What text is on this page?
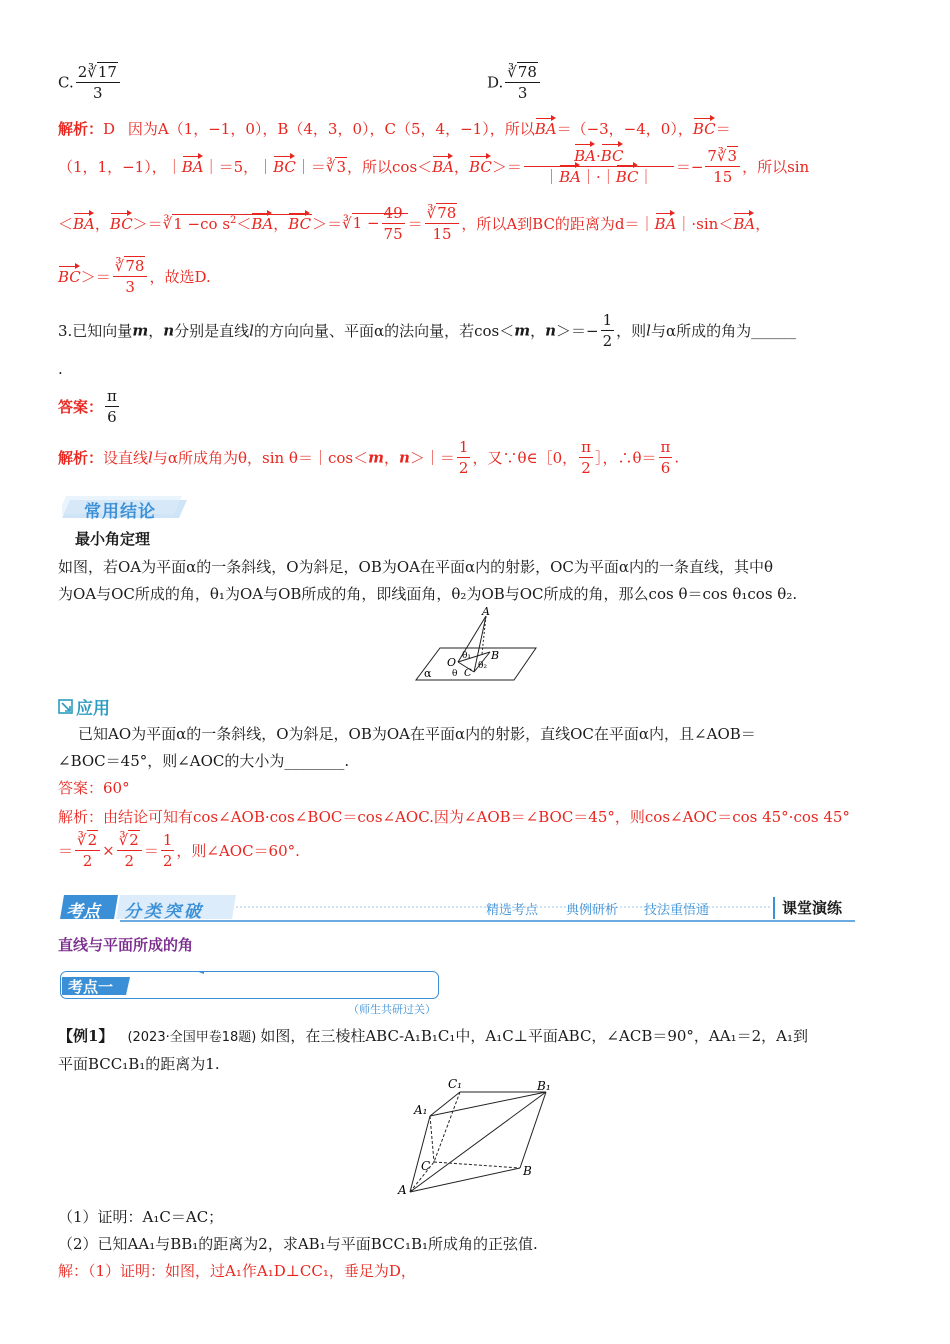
C. $\frac{2∛17}{3}$	D. $\frac{∛78}{3}$
解析：D 因为A（1，−1，0），B（4，3，0），C（5，4，−1），所以BA＝（−3，−4，0），BC＝
（1，1，−1），｜BA｜＝5，｜BC｜＝∛3，所以cos＜BA，$BC>= \frac{BA\cdot BC}{|BA|\cdot|BC|} =- \frac{7∛3}{15}$ ，所以sin
＜BA，BC＞＝∛1 −co $s^2<BA$，BC＞＝∛1 − $\frac{49}{75} = \frac{∛78}{15}$ ，所以A到BC的距离为d＝｜BA｜·sin＜BA，
$BC>= \frac{∛78}{3}$ ，故选D.
3.已知向量m，n分别是直线l的方向向量、平面α的法向量，若cos＜m，$n>=- \frac{1}{2}$ ，则l与α所成的角为______
.
答案： $\frac{\pi}{6}$
解析：设直线l与α所成角为θ，sin θ＝｜cos＜m，n＞｜＝ $\frac{1}{2}$ ，又∵θ∈［0， $\frac{\pi}{2}$ ］，∴θ＝ $\frac{\pi}{6}$ .
常用结论
最小角定理
如图，若OA为平面α的一条斜线，O为斜足，OB为OA在平面α内的射影，OC为平面α内的一条直线，其中θ
为OA与OC所成的角，θ₁为OA与OB所成的角，即线面角，θ₂为OB与OC所成的角，那么cos θ＝cos θ₁cos θ₂.
A
B
O
C
α θ
θ₁
θ₂
应用
已知AO为平面α的一条斜线，O为斜足，OB为OA在平面α内的射影，直线OC在平面α内，且∠AOB＝
∠BOC＝45°，则∠AOC的大小为________.
答案：60°
解析：由结论可知有cos∠AOB·cos∠BOC＝cos∠AOC.因为∠AOB＝∠BOC＝45°，则cos∠AOC＝cos 45°·cos 45°
＝ $\frac{∛2}{2} \times \frac{∛2}{2} = \frac{1}{2}$ ，则∠AOC＝60°.
考点 分类突破	精选考点 典例研析 技法重悟通	课堂演练
直线与平面所成的角
考点一
（师生共研过关）
【例1】 (2023·全国甲卷18题) 如图，在三棱柱ABC-A₁B₁C₁中，A₁C⊥平面ABC，∠ACB＝90°，AA₁＝2，A₁到
平面BCC₁B₁的距离为1.
A
B
C
A₁
B₁
C₁
（1）证明：A₁C＝AC；
（2）已知AA₁与BB₁的距离为2，求AB₁与平面BCC₁B₁所成角的正弦值.
解：（1）证明：如图，过A₁作A₁D⊥CC₁，垂足为D，
